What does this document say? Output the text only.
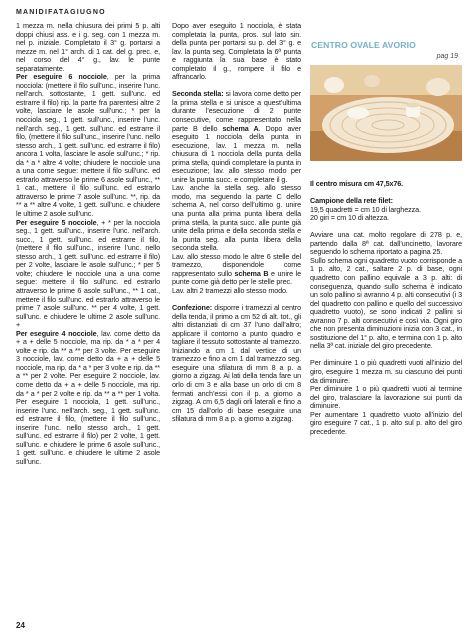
MANIDIFATAGIUGNO

1 mezza m. nella chiusura dei primi 5 p. alti doppi chiusi ass. e i g. seg. con 1 mezza m. nel p. iniziale. Completato il 3° g. portarsi a mezze m. nel 1° arch. di 1 cat. del g. prec. e, nel corso del 4° g., lav. le punte separatamente.

Per eseguire 6 nocciole, per la prima nocciola: (mettere il filo sull’unc., inserire l’unc. nell’arch. sottostante, 1 gett. sull’unc. ed estrarre il filo) rip. la parte fra parentesi altre 2 volte, lasciare le asole sull’unc.; * per la nocciola seg., 1 gett. sull’unc., inserire l’unc. nell’arch. seg., 1 gett. sull’unc. ed estrarre il filo, (mettere il filo sull’unc., inserire l’unc. nello stesso arch., 1 gett. sull’unc. ed estrarre il filo) ancora 1 volta, lasciare le asole sull’unc.; * rip. da * a * altre 4 volte; chiudere le nocciole una a una come segue: mettere il filo sull’unc. ed estrarlo attraverso le prime 6 asole sull’unc., ** 1 cat., mettere il filo sull’unc. ed estrarlo attraverso le prime 7 asole sull’unc. **, rip. da ** a ** altre 4 volte, 1 gett. sull’unc. e chiudere le ultime 2 asole sull’unc.

Per eseguire 5 nocciole, + * per la nocciola seg., 1 gett. sull’unc., inserire l’unc. nell’arch. succ., 1 gett. sull’unc. ed estrarre il filo, (mettere il filo sull’unc., inserire l’unc. nello stesso arch., 1 gett. sull’unc. ed estrarre il filo) per 2 volte, lasciare le asole sull’unc.; * per 5 volte; chiudere le nocciole una a una come segue: mettere il filo sull’unc. ed estrarlo attraverso le prime 6 asole sull’unc., ** 1 cat., mettere il filo sull’unc. ed estrarlo attraverso le prime 7 asole sull’unc. ** per 4 volte, 1 gett. sull’unc. e chiudere le ultime 2 asole sull’unc. +

Per eseguire 4 nocciole, lav. come detto da + a + delle 5 nocciole, ma rip. da * a * per 4 volte e rip. da ** a ** per 3 volte. Per eseguire 3 nocciole, lav. come detto da + a + delle 5 nocciole, ma rip. da * a * per 3 volte e rip. da ** a ** per 2 volte. Per eseguire 2 nocciole, lav. come detto da + a + delle 5 nocciole, ma rip. da * a * per 2 volte e rip. da ** a ** per 1 volta. Per eseguire 1 nocciola, 1 gett. sull’unc., inserire l’unc. nell’arch. seg., 1 gett. sull’unc. ed estrarre il filo, (mettere il filo sull’unc., inserire l’unc. nello stesso arch., 1 gett. sull’unc. ed estrarre il filo) per 2 volte, 1 gett. sull’unc. e chiudere le prime 6 asole sull’unc., 1 gett. sull’unc. e chiudere le ultime 2 asole sull’unc.

Dopo aver eseguito 1 nocciola, è stata completata la punta, pros. sul lato sin. della punta per portarsi su p. del 3° g. e lav. la punta seg. Completata la 6ª punta e raggiunta la sua base è stato completato il g., rompere il filo e affrancarlo.

Seconda stella: si lavora come detto per la prima stella e si unisce a quest’ultima durante l’esecuzione di 2 punte consecutive, come rappresentato nella parte B dello schema A. Dopo aver eseguito 1 nocciola della punta in esecuzione, lav. 1 mezza m. nella chiusura di 1 nocciola della punta della prima stella, quindi completare la punta in esecuzione; lav. allo stesso modo per unire la punta succ. e completare il g.

Lav. anche la stella seg. allo stesso modo, ma seguendo la parte C dello schema A, nel corso dell’ultimo g. unire una punta alla prima punta libera della prima stella, la punta succ. alle punte già unite della prima e della seconda stella e la punta seg. alla punta libera della seconda stella.

Lav. allo stesso modo le altre 6 stelle del tramezzo, disponendole come rappresentato sullo schema B e unire le punte come già detto per le stelle prec.

Lav. altri 2 tramezzi allo stesso modo.

Confezione: disporre i tramezzi al centro della tenda, il primo a cm 52 di alt. tot., gli altri distanziati di cm 37 l’uno dall’altro; applicare il contorno a punto quadro e tagliare il tessuto sottostante al tramezzo. Iniziando a cm 1 dal vertice di un tramezzo e fino a cm 1 dal tramezzo seg. eseguire una sfilatura di mm 8 a p. a giorno a zigzag. Ai lati della tenda fare un orlo di cm 3 e alla base un orlo di cm 8 fermati anch’essi con il p. a giorno a zigzag. A cm 6,5 dagli orli laterali e fino a cm 15 dall’orlo di base eseguire una sfilatura di mm 8 a p. a giorno a zigzag.

CENTRO OVALE AVORIO
pag 19

Il centro misura cm 47,5x76.

Campione della rete filet:

19,5 quadretti = cm 10 di larghezza.
20 giri = cm 10 di altezza.

Avviare una cat. molto regolare di 278 p. e, partendo dalla 8ª cat. dall’uncinetto, lavorare seguendo lo schema riportato a pagina 25.
Sullo schema ogni quadretto vuoto corrisponde a 1 p. alto, 2 cat., saltare 2 p. di base, ogni quadretto con pallino equivale a 3 p. alti: di conseguenza, quando sullo schema è indicato un solo pallino si avranno 4 p. alti consecutivi (i 3 del quadretto con pallino e quello del successivo quadretto vuoto), se sono indicati 2 pallini si avranno 7 p. alti consecutivi e così via. Ogni giro che non presenta diminuzioni inizia con 3 cat., in sostituzione del 1° p. alto, e termina con 1 p. alto nella 3ª cat. iniziale del giro precedente.

Per diminuire 1 o più quadretti vuoti all’inizio del giro, eseguire 1 mezza m. su ciascuno dei punti da diminuire.
Per diminuire 1 o più quadretti vuoti al termine del giro, tralasciare la lavorazione sui punti da diminuire.
Per aumentare 1 quadretto vuoto all’inizio del giro eseguire 7 cat., 1 p. alto sul p. alto del giro precedente.

24
